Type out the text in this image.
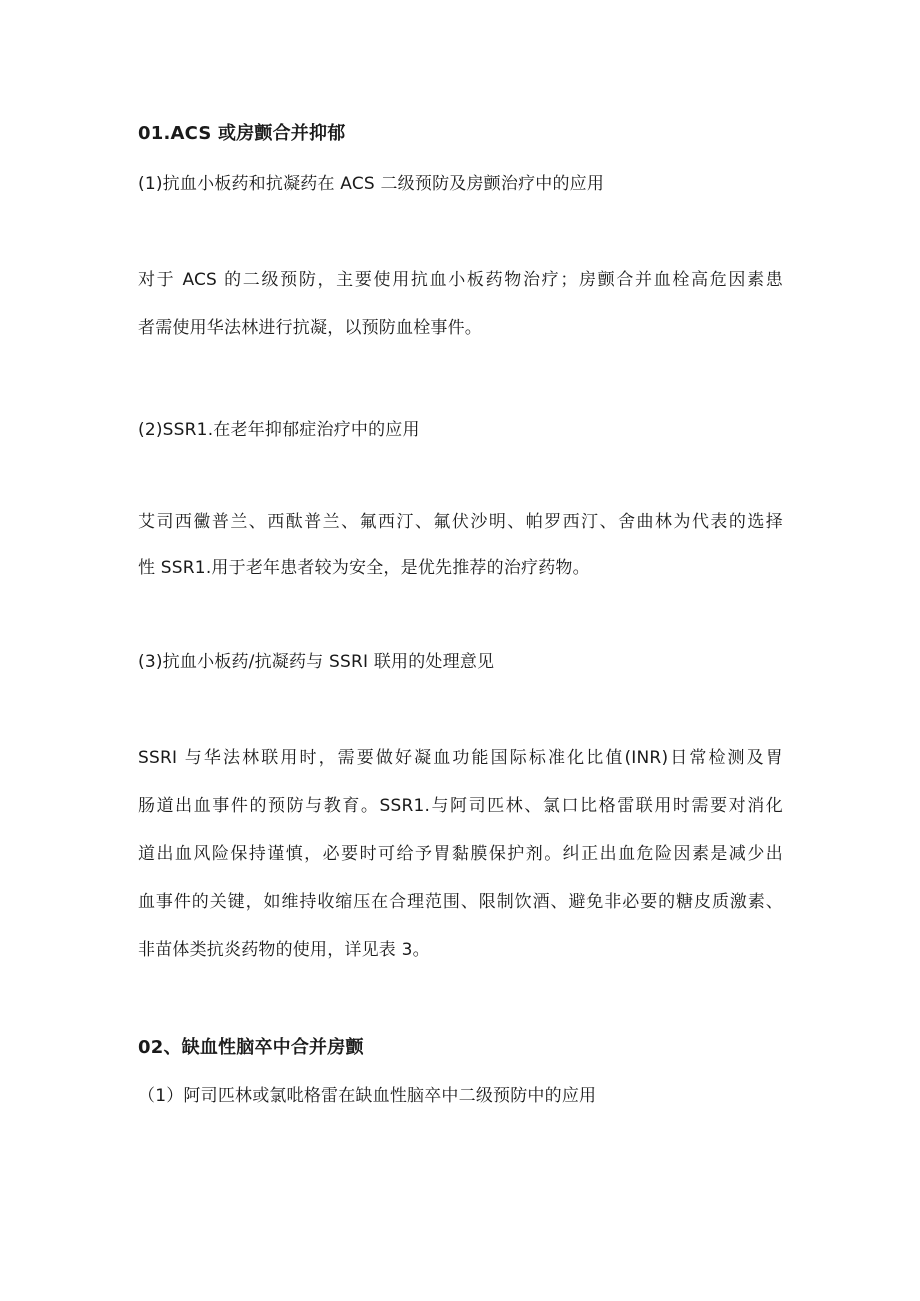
01.ACS 或房颤合并抑郁
(1)抗血小板药和抗凝药在 ACS 二级预防及房颤治疗中的应用
对于 ACS 的二级预防，主要使用抗血小板药物治疗；房颤合并血栓高危因素患
者需使用华法林进行抗凝，以预防血栓事件。
(2)SSR1.在老年抑郁症治疗中的应用
艾司西黴普兰、西酞普兰、氟西汀、氟伏沙明、帕罗西汀、舍曲林为代表的选择
性 SSR1.用于老年患者较为安全，是优先推荐的治疗药物。
(3)抗血小板药/抗凝药与 SSRI 联用的处理意见
SSRI 与华法林联用时，需要做好凝血功能国际标准化比值(INR)日常检测及胃
肠道出血事件的预防与教育。SSR1.与阿司匹林、氯口比格雷联用时需要对消化
道出血风险保持谨慎，必要时可给予胃黏膜保护剂。纠正出血危险因素是减少出
血事件的关键，如维持收缩压在合理范围、限制饮酒、避免非必要的糖皮质激素、
非苗体类抗炎药物的使用，详见表 3。
02、缺血性脑卒中合并房颤
（1）阿司匹林或氯吡格雷在缺血性脑卒中二级预防中的应用
